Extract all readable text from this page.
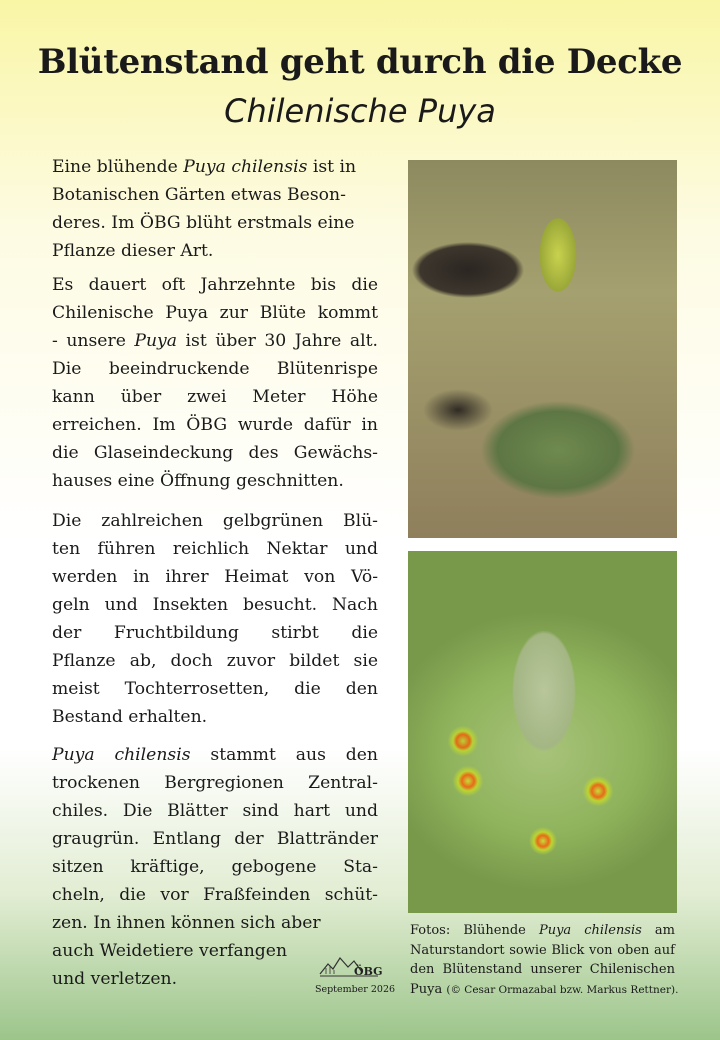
Blütenstand geht durch die Decke
Chilenische Puya
Eine blühende Puya chilensis ist in
Botanischen Gärten etwas Beson-
deres. Im ÖBG blüht erstmals eine
Pflanze dieser Art.
Es dauert oft Jahrzehnte bis die
Chilenische Puya zur Blüte kommt
- unsere Puya ist über 30 Jahre alt.
Die beeindruckende Blütenrispe
kann über zwei Meter Höhe
erreichen. Im ÖBG wurde dafür in
die Glaseindeckung des Gewächs-
hauses eine Öffnung geschnitten.
Die zahlreichen gelbgrünen Blü-
ten führen reichlich Nektar und
werden in ihrer Heimat von Vö-
geln und Insekten besucht. Nach
der Fruchtbildung stirbt die
Pflanze ab, doch zuvor bildet sie
meist Tochterrosetten, die den
Bestand erhalten.
Puya chilensis stammt aus den
trockenen Bergregionen Zentral-
chiles. Die Blätter sind hart und
graugrün. Entlang der Blattränder
sitzen kräftige, gebogene Sta-
cheln, die vor Fraßfeinden schüt-
zen. In ihnen können sich aber
auch Weidetiere verfangen
und verletzen.
Fotos: Blühende Puya chilensis am
Naturstandort sowie Blick von oben auf
den Blütenstand unserer Chilenischen
Puya (© Cesar Ormazabal bzw. Markus Rettner).
ÖBG
September 2026
